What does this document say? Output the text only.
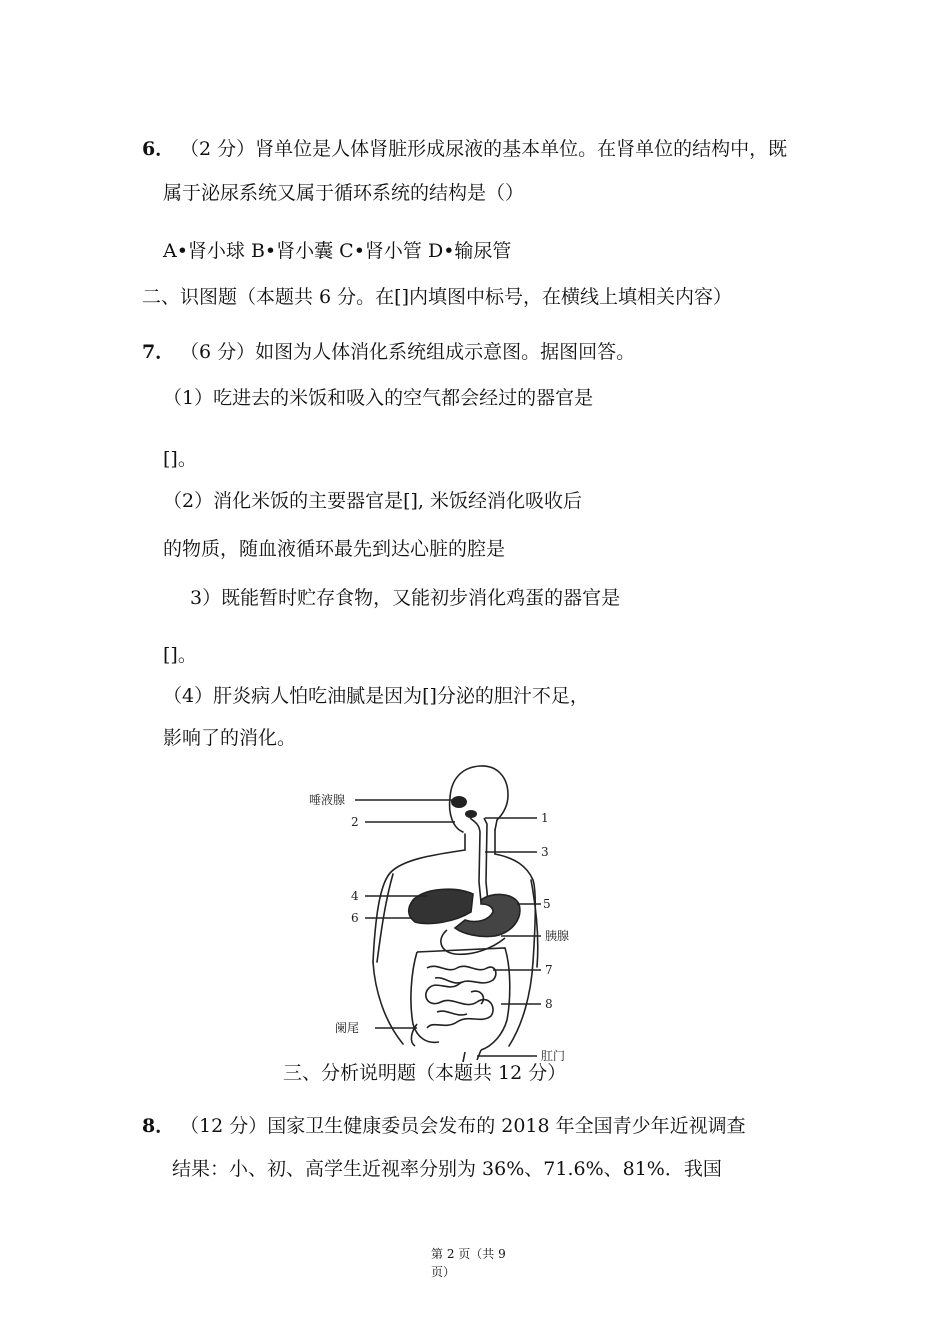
6． （2 分）肾单位是人体肾脏形成尿液的基本单位。在肾单位的结构中，既
属于泌尿系统又属于循环系统的结构是（）
A•肾小球 B•肾小囊 C•肾小管 D•输尿管
二、识图题（本题共 6 分。在[]内填图中标号，在横线上填相关内容）
7． （6 分）如图为人体消化系统组成示意图。据图回答。
（1）吃进去的米饭和吸入的空气都会经过的器官是
[]。
（2）消化米饭的主要器官是[], 米饭经消化吸收后
的物质，随血液循环最先到达心脏的腔是
3）既能暂时贮存食物，又能初步消化鸡蛋的器官是
[]。
（4）肝炎病人怕吃油腻是因为[]分泌的胆汁不足，
影响了的消化。
唾液腺
2	1
3
4
6
5
胰腺
7
8
阑尾
肛门
三、分析说明题（本题共 12 分）
8． （12 分）国家卫生健康委员会发布的 2018 年全国青少年近视调查
结果：小、初、高学生近视率分别为 36%、71.6%、81%．我国
第 2 页（共 9
页）
